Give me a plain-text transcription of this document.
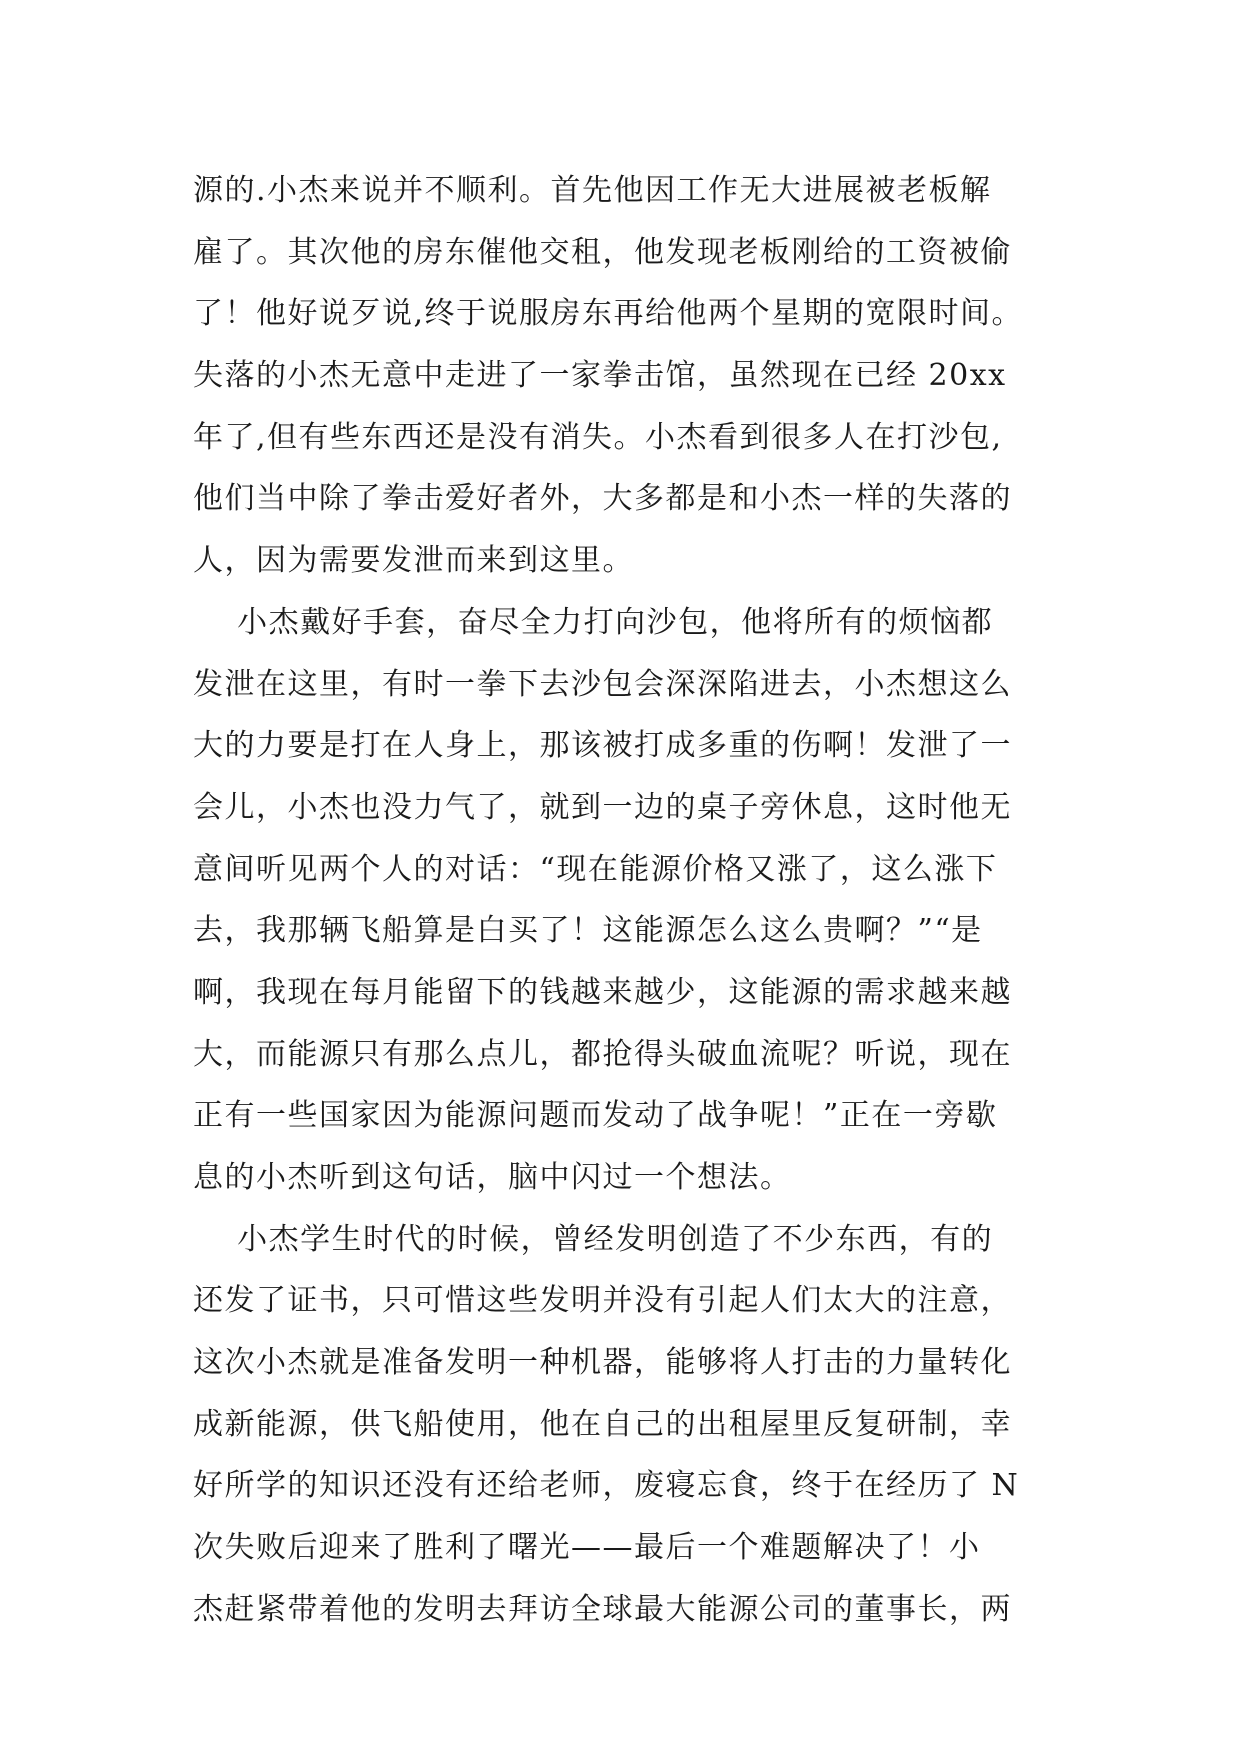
源的.小杰来说并不顺利。首先他因工作无大进展被老板解
雇了。其次他的房东催他交租，他发现老板刚给的工资被偷
了！他好说歹说,终于说服房东再给他两个星期的宽限时间。
失落的小杰无意中走进了一家拳击馆，虽然现在已经 20xx
年了,但有些东西还是没有消失。小杰看到很多人在打沙包,
他们当中除了拳击爱好者外，大多都是和小杰一样的失落的
人，因为需要发泄而来到这里。
小杰戴好手套，奋尽全力打向沙包，他将所有的烦恼都
发泄在这里，有时一拳下去沙包会深深陷进去，小杰想这么
大的力要是打在人身上，那该被打成多重的伤啊！发泄了一
会儿，小杰也没力气了，就到一边的桌子旁休息，这时他无
意间听见两个人的对话：“现在能源价格又涨了，这么涨下
去，我那辆飞船算是白买了！这能源怎么这么贵啊？”“是
啊，我现在每月能留下的钱越来越少，这能源的需求越来越
大，而能源只有那么点儿，都抢得头破血流呢？听说，现在
正有一些国家因为能源问题而发动了战争呢！”正在一旁歇
息的小杰听到这句话，脑中闪过一个想法。
小杰学生时代的时候，曾经发明创造了不少东西，有的
还发了证书，只可惜这些发明并没有引起人们太大的注意，
这次小杰就是准备发明一种机器，能够将人打击的力量转化
成新能源，供飞船使用，他在自己的出租屋里反复研制，幸
好所学的知识还没有还给老师，废寝忘食，终于在经历了 N
次失败后迎来了胜利了曙光——最后一个难题解决了！小
杰赶紧带着他的发明去拜访全球最大能源公司的董事长，两
